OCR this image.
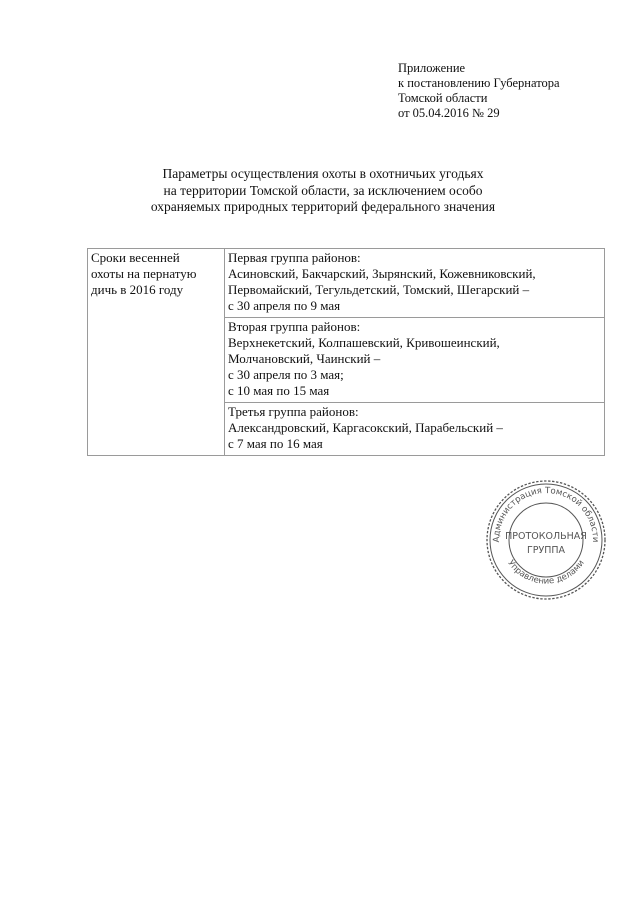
Приложение
к постановлению Губернатора
Томской области
от 05.04.2016 № 29
Параметры осуществления охоты в охотничьих угодьях
на территории Томской области, за исключением особо
охраняемых природных территорий федерального значения
Сроки весенней
охоты на пернатую
дичь в 2016 году

Первая группа районов:
Асиновский, Бакчарский, Зырянский, Кожевниковский,
Первомайский, Тегульдетский, Томский, Шегарский –
с 30 апреля по 9 мая

Вторая группа районов:
Верхнекетский, Колпашевский, Кривошеинский,
Молчановский, Чаинский –
с 30 апреля по 3 мая;
с 10 мая по 15 мая

Третья группа районов:
Александровский, Каргасокский, Парабельский –
с 7 мая по 16 мая
Администрация Томской области
Управление делами
ПРОТОКОЛЬНАЯ
ГРУППА
